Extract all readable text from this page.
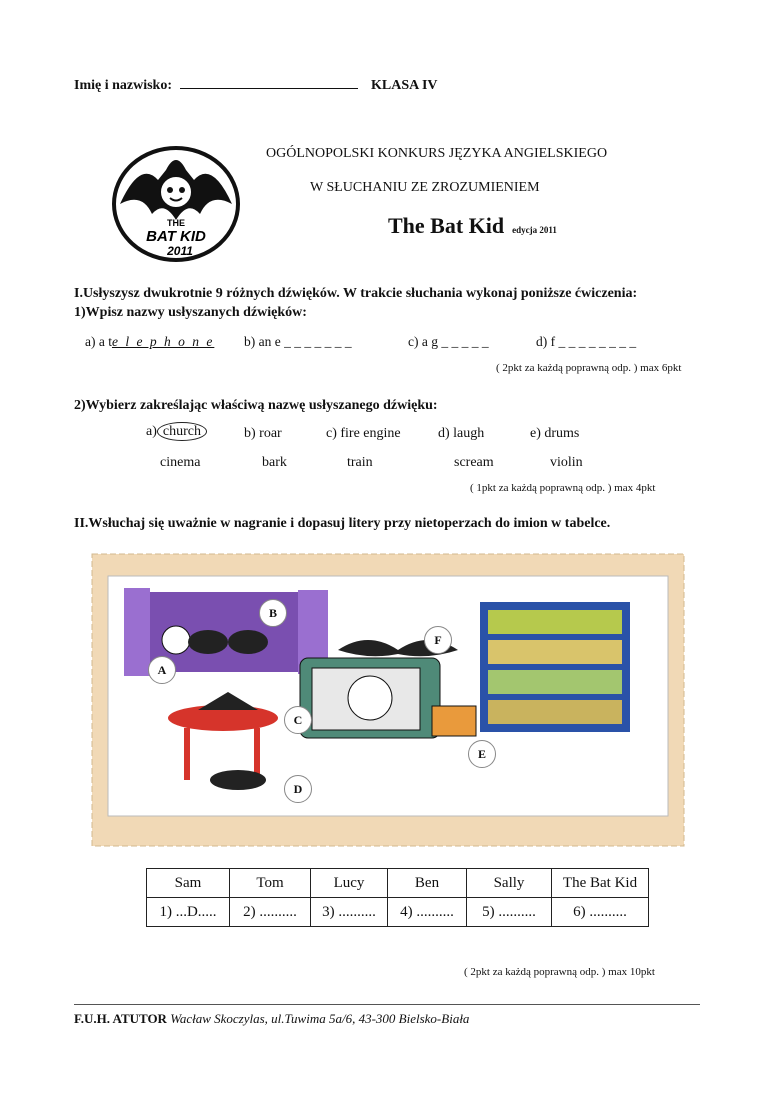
Imię i nazwisko:	KLASA IV
THE
BAT KID
2011
OGÓLNOPOLSKI KONKURS JĘZYKA ANGIELSKIEGO
W SŁUCHANIU ZE ZROZUMIENIEM
The Bat Kid edycja 2011
I.Usłyszysz dwukrotnie 9 różnych dźwięków. W trakcie słuchania wykonaj poniższe ćwiczenia:
1)Wpisz nazwy usłyszanych dźwięków:
a) a te l e p h o n e b) an e _ _ _ _ _ _ _	c) a g _ _ _ _ _	d) f _ _ _ _ _ _ _ _
( 2pkt za każdą poprawną odp. ) max 6pkt
2)Wybierz zakreślając właściwą nazwę usłyszanego dźwięku:
a) church	b) roar	c) fire engine	d) laugh	e) drums
cinema	bark	train	scream	violin
( 1pkt za każdą poprawną odp. ) max 4pkt
II.Wsłuchaj się uważnie w nagranie i dopasuj litery przy nietoperzach do imion w tabelce.
B
F
A
C
E
D
Sam	Tom	Lucy	Ben	Sally	The Bat Kid
1) ...D.....	2) ..........	3) ..........	4) ..........	5) ..........	6) ..........
( 2pkt za każdą poprawną odp. ) max 10pkt
F.U.H. ATUTOR Wacław Skoczylas, ul.Tuwima 5a/6, 43-300 Bielsko-Biała
